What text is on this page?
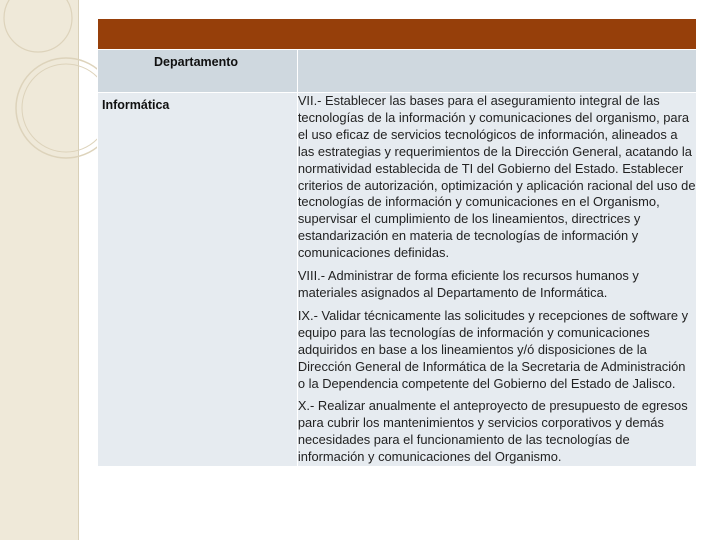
Departamento	

Informática	VII.- Establecer las bases para el aseguramiento integral de las tecnologías de la información y comunicaciones del organismo, para el uso eficaz de servicios tecnológicos de información, alineados a las estrategias y requerimientos de la Dirección General, acatando la normatividad establecida de TI del Gobierno del Estado. Establecer criterios de autorización, optimización y aplicación racional del uso de tecnologías de información y comunicaciones en el Organismo, supervisar el cumplimiento de los lineamientos, directrices y estandarización en materia de tecnologías de información y comunicaciones definidas.

VIII.- Administrar de forma eficiente los recursos humanos y materiales asignados al Departamento de Informática.

IX.- Validar técnicamente las solicitudes y recepciones de software y equipo para las tecnologías de información y comunicaciones adquiridos en base a los lineamientos y/ó disposiciones de la Dirección General de Informática de la Secretaria de Administración o la Dependencia competente del Gobierno del Estado de Jalisco.

X.- Realizar anualmente el anteproyecto de presupuesto de egresos para cubrir los mantenimientos y servicios corporativos y demás necesidades para el funcionamiento de las tecnologías de información y comunicaciones del Organismo.
